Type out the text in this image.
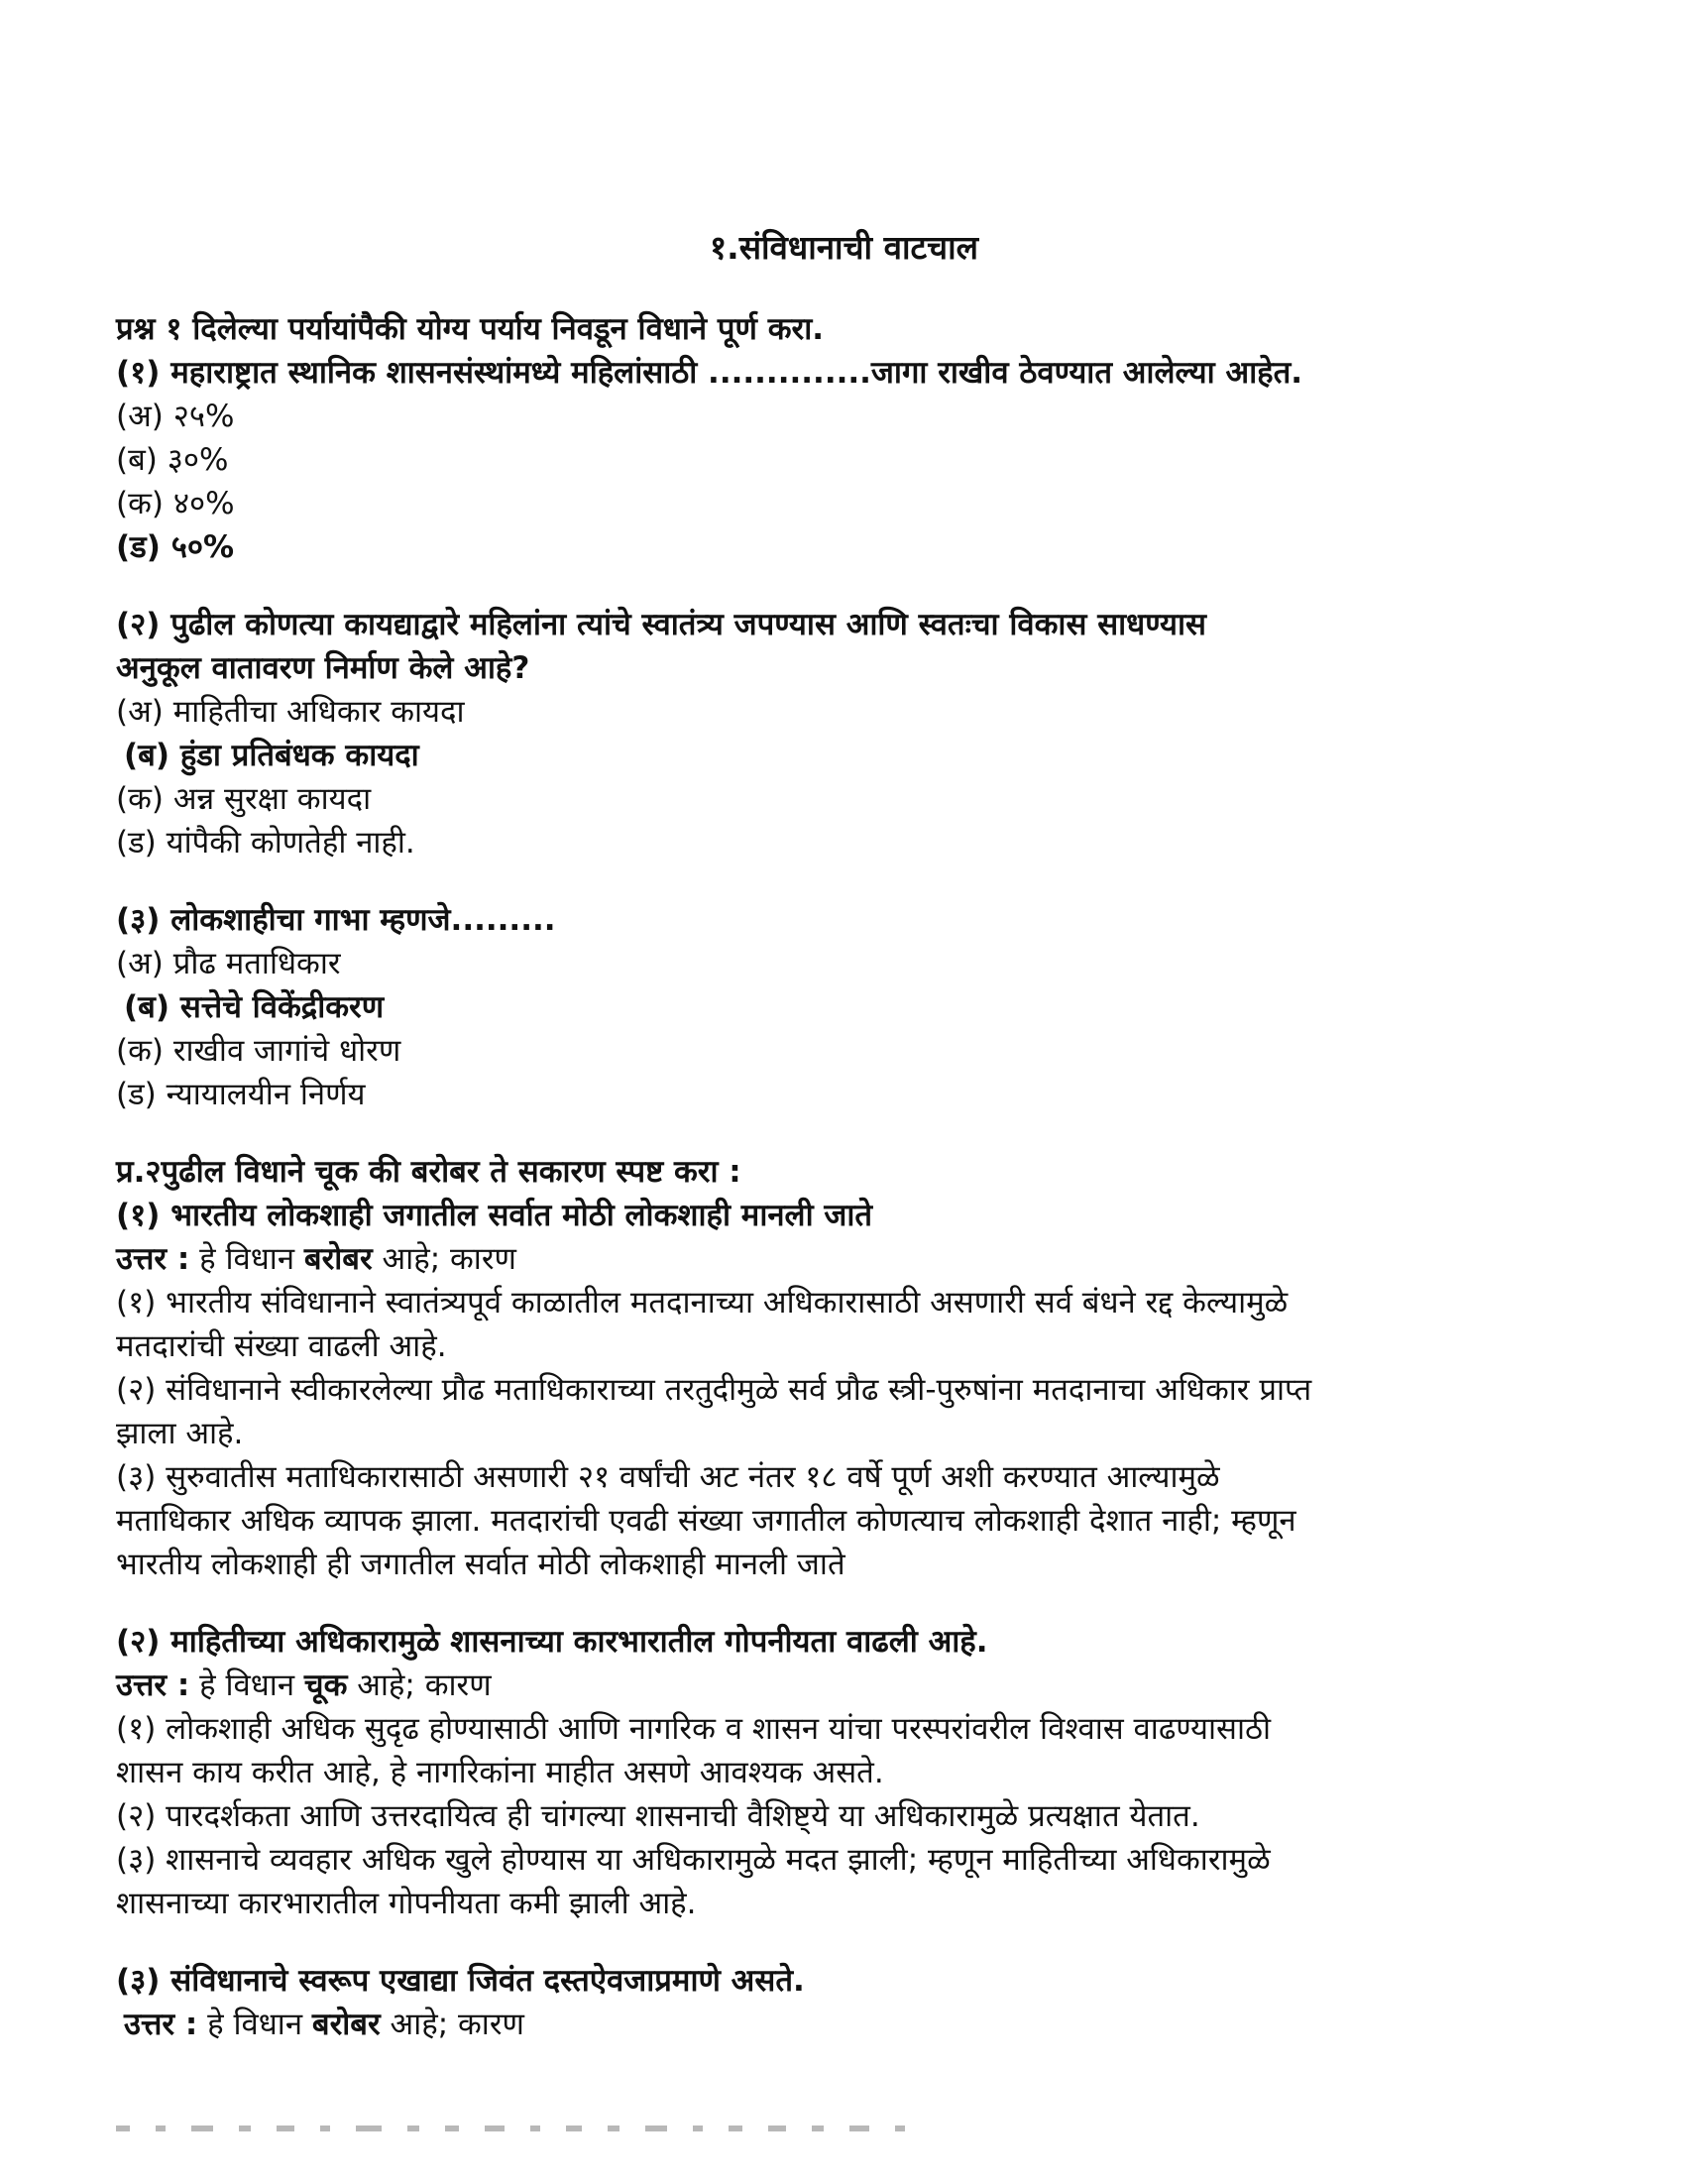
१.संविधानाची वाटचाल
प्रश्न १ दिलेल्या पर्यायांपैकी योग्य पर्याय निवडून विधाने पूर्ण करा.
(१) महाराष्ट्रात स्थानिक शासनसंस्थांमध्ये महिलांसाठी ..............जागा राखीव ठेवण्यात आलेल्या आहेत.
(अ) २५%
(ब) ३०%
(क) ४०%
(ड) ५०%
(२) पुढील कोणत्या कायद्याद्वारे महिलांना त्यांचे स्वातंत्र्य जपण्यास आणि स्वतःचा विकास साधण्यास
अनुकूल वातावरण निर्माण केले आहे?
(अ) माहितीचा अधिकार कायदा
(ब) हुंडा प्रतिबंधक कायदा
(क) अन्न सुरक्षा कायदा
(ड) यांपैकी कोणतेही नाही.
(३) लोकशाहीचा गाभा म्हणजे.........
(अ) प्रौढ मताधिकार
(ब) सत्तेचे विकेंद्रीकरण
(क) राखीव जागांचे धोरण
(ड) न्यायालयीन निर्णय
प्र.२पुढील विधाने चूक की बरोबर ते सकारण स्पष्ट करा :
(१) भारतीय लोकशाही जगातील सर्वात मोठी लोकशाही मानली जाते
उत्तर : हे विधान बरोबर आहे; कारण
(१) भारतीय संविधानाने स्वातंत्र्यपूर्व काळातील मतदानाच्या अधिकारासाठी असणारी सर्व बंधने रद्द केल्यामुळे
मतदारांची संख्या वाढली आहे.
(२) संविधानाने स्वीकारलेल्या प्रौढ मताधिकाराच्या तरतुदीमुळे सर्व प्रौढ स्त्री-पुरुषांना मतदानाचा अधिकार प्राप्त
झाला आहे.
(३) सुरुवातीस मताधिकारासाठी असणारी २१ वर्षांची अट नंतर १८ वर्षे पूर्ण अशी करण्यात आल्यामुळे
मताधिकार अधिक व्यापक झाला. मतदारांची एवढी संख्या जगातील कोणत्याच लोकशाही देशात नाही; म्हणून
भारतीय लोकशाही ही जगातील सर्वात मोठी लोकशाही मानली जाते
(२) माहितीच्या अधिकारामुळे शासनाच्या कारभारातील गोपनीयता वाढली आहे.
उत्तर : हे विधान चूक आहे; कारण
(१) लोकशाही अधिक सुदृढ होण्यासाठी आणि नागरिक व शासन यांचा परस्परांवरील विश्वास वाढण्यासाठी
शासन काय करीत आहे, हे नागरिकांना माहीत असणे आवश्यक असते.
(२) पारदर्शकता आणि उत्तरदायित्व ही चांगल्या शासनाची वैशिष्ट्ये या अधिकारामुळे प्रत्यक्षात येतात.
(३) शासनाचे व्यवहार अधिक खुले होण्यास या अधिकारामुळे मदत झाली; म्हणून माहितीच्या अधिकारामुळे
शासनाच्या कारभारातील गोपनीयता कमी झाली आहे.
(३) संविधानाचे स्वरूप एखाद्या जिवंत दस्तऐवजाप्रमाणे असते.
उत्तर : हे विधान बरोबर आहे; कारण
